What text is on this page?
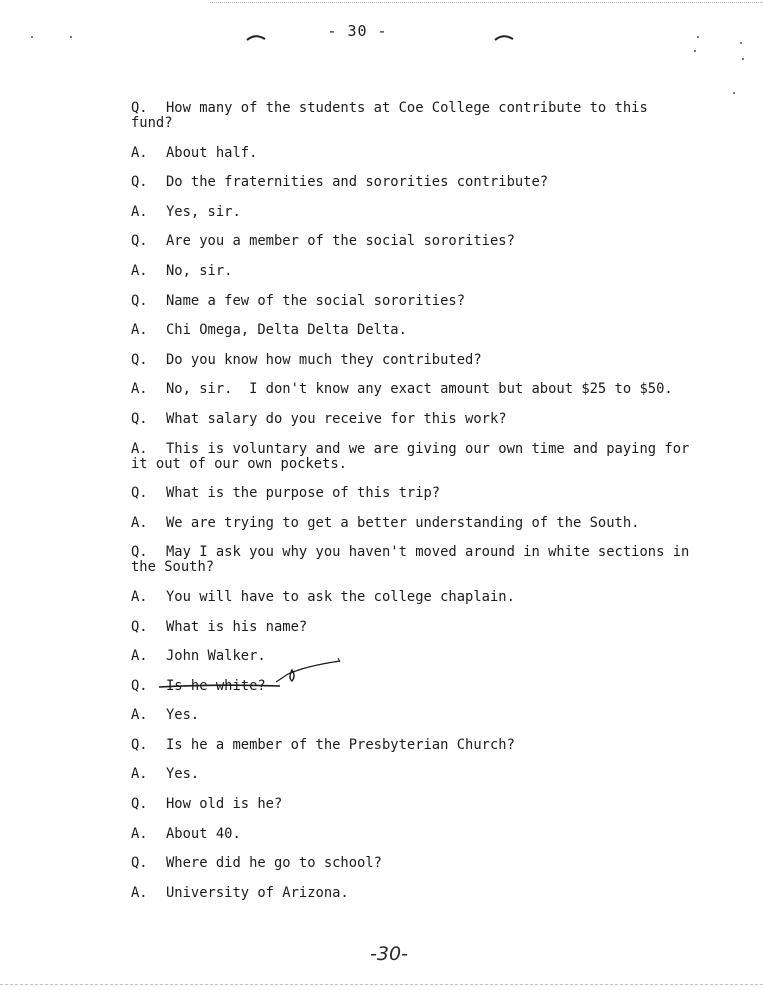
- 30 -
Q. How many of the students at Coe College contribute to this fund?
A. About half.
Q. Do the fraternities and sororities contribute?
A. Yes, sir.
Q. Are you a member of the social sororities?
A. No, sir.
Q. Name a few of the social sororities?
A. Chi Omega, Delta Delta Delta.
Q. Do you know how much they contributed?
A. No, sir.  I don't know any exact amount but about $25 to $50.
Q. What salary do you receive for this work?
A. This is voluntary and we are giving our own time and paying for it out of our own pockets.
Q. What is the purpose of this trip?
A. We are trying to get a better understanding of the South.
Q. May I ask you why you haven't moved around in white sections in the South?
A. You will have to ask the college chaplain.
Q. What is his name?
A. John Walker.
Q. Is he white?
A. Yes.
Q. Is he a member of the Presbyterian Church?
A. Yes.
Q. How old is he?
A. About 40.
Q. Where did he go to school?
A. University of Arizona.
-30-
